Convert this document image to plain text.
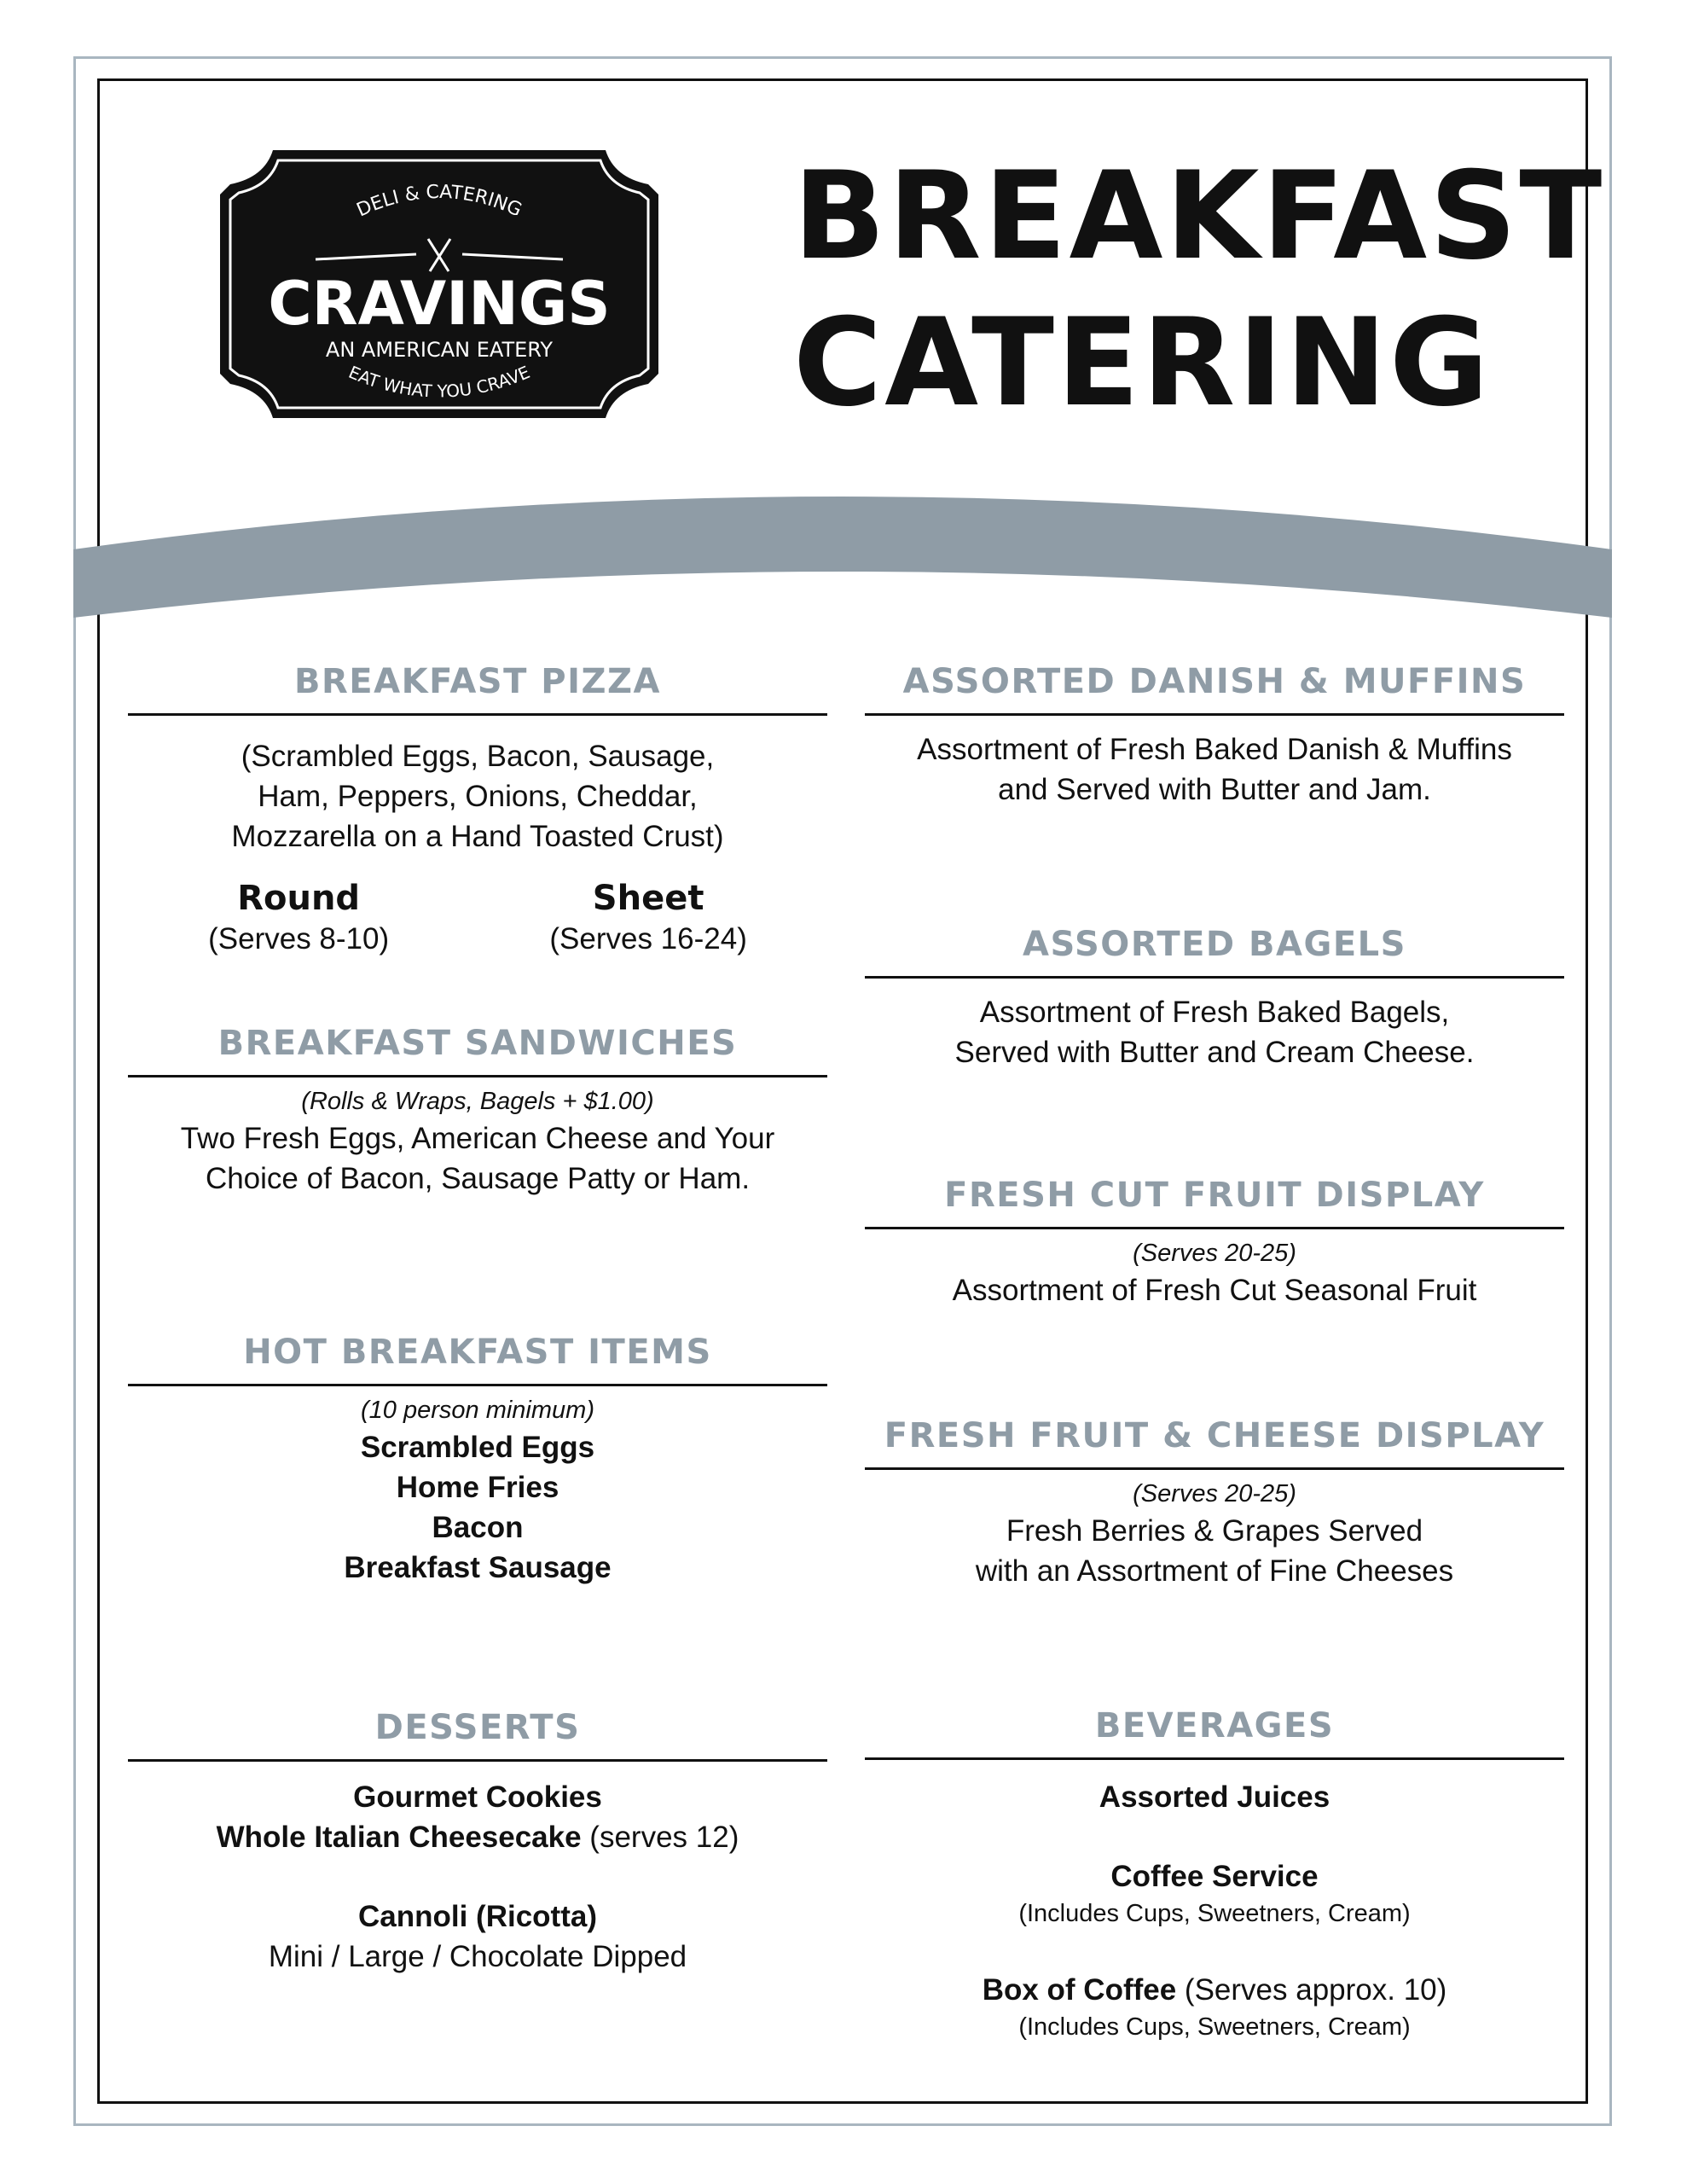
DELI & CATERING
CRAVINGS
AN AMERICAN EATERY
EAT WHAT YOU CRAVE
BREAKFAST
CATERING
BREAKFAST PIZZA

(Scrambled Eggs, Bacon, Sausage,

Ham, Peppers, Onions, Cheddar,

Mozzarella on a Hand Toasted Crust)

Round
(Serves 8-10)
Sheet
(Serves 16-24)
BREAKFAST SANDWICHES

(Rolls & Wraps, Bagels + $1.00)

Two Fresh Eggs, American Cheese and Your

Choice of Bacon, Sausage Patty or Ham.

HOT BREAKFAST ITEMS

(10 person minimum)

Scrambled Eggs

Home Fries

Bacon

Breakfast Sausage

DESSERTS

Gourmet Cookies

Whole Italian Cheesecake (serves 12)

Cannoli (Ricotta)

Mini / Large / Chocolate Dipped

ASSORTED DANISH & MUFFINS

Assortment of Fresh Baked Danish & Muffins

and Served with Butter and Jam.

ASSORTED BAGELS

Assortment of Fresh Baked Bagels,

Served with Butter and Cream Cheese.

FRESH CUT FRUIT DISPLAY

(Serves 20-25)

Assortment of Fresh Cut Seasonal Fruit

FRESH FRUIT & CHEESE DISPLAY

(Serves 20-25)

Fresh Berries & Grapes Served

with an Assortment of Fine Cheeses

BEVERAGES

Assorted Juices

Coffee Service

(Includes Cups, Sweetners, Cream)

Box of Coffee (Serves approx. 10)

(Includes Cups, Sweetners, Cream)
